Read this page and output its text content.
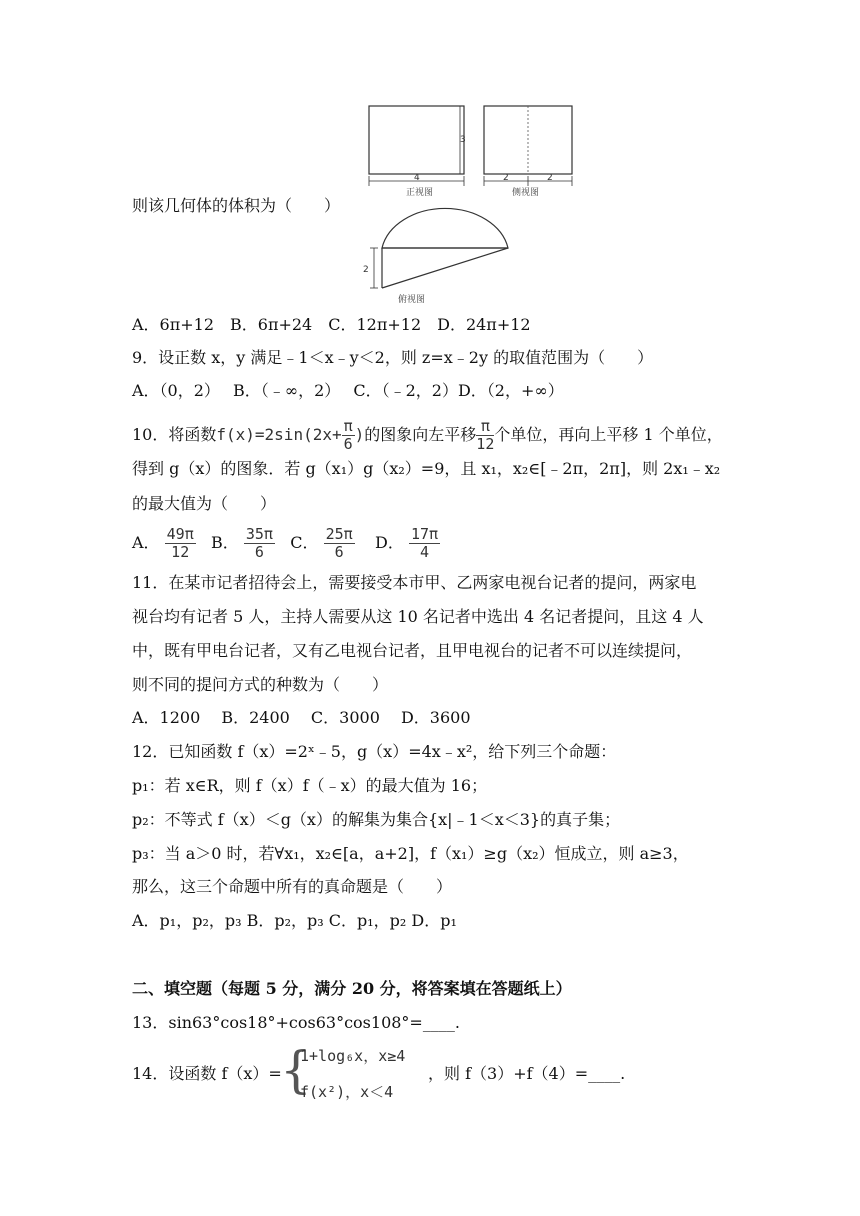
4
3
正视图
2	2
侧视图
2
俯视图
则该几何体的体积为（　　）
A．6π+12　B．6π+24　C．12π+12　D．24π+12
9．设正数 x，y 满足﹣1＜x﹣y＜2，则 z=x﹣2y 的取值范围为（　　）
A．（0，2）　 B．（﹣∞，2）　 C．（﹣2，2）D．（2，+∞）
10．将函数$f(x)=2\sin(2x+ \frac{\pi}{6}$ )的图象向左平移 $\frac{\pi}{12}$ 个单位，再向上平移 1 个单位，
得到 g（x）的图象．若 g（x₁）g（x₂）=9，且 x₁，x₂∈[﹣2π，2π]，则 2x₁﹣x₂
的最大值为（　　）
A． $\frac{49\pi}{12}$ B． $\frac{35\pi}{6}$ C． $\frac{25\pi}{6}$ D． $\frac{17\pi}{4}$
11．在某市记者招待会上，需要接受本市甲、乙两家电视台记者的提问，两家电
视台均有记者 5 人，主持人需要从这 10 名记者中选出 4 名记者提问，且这 4 人
中，既有甲电台记者，又有乙电视台记者，且甲电视台的记者不可以连续提问，
则不同的提问方式的种数为（　　）
A．1200　 B．2400　 C．3000　 D．3600
12．已知函数 f（x）=2ˣ﹣5，g（x）=4x﹣x²，给下列三个命题：
p₁：若 x∈R，则 f（x）f（﹣x）的最大值为 16；
p₂：不等式 f（x）＜g（x）的解集为集合{x|﹣1＜x＜3}的真子集；
p₃：当 a＞0 时，若∀x₁，x₂∈[a，a+2]，f（x₁）≥g（x₂）恒成立，则 a≥3，
那么，这三个命题中所有的真命题是（　　）
A．p₁，p₂，p₃ B．p₂，p₃ C．p₁，p₂ D．p₁
二、填空题（每题 5 分，满分 20 分，将答案填在答题纸上）
13．sin63°cos18°+cos63°cos108°=____.
14．设函数 f（x）=
{
1+log₆x，x≥4
f(x²)，x＜4
，则 f（3）+f（4）=____.
